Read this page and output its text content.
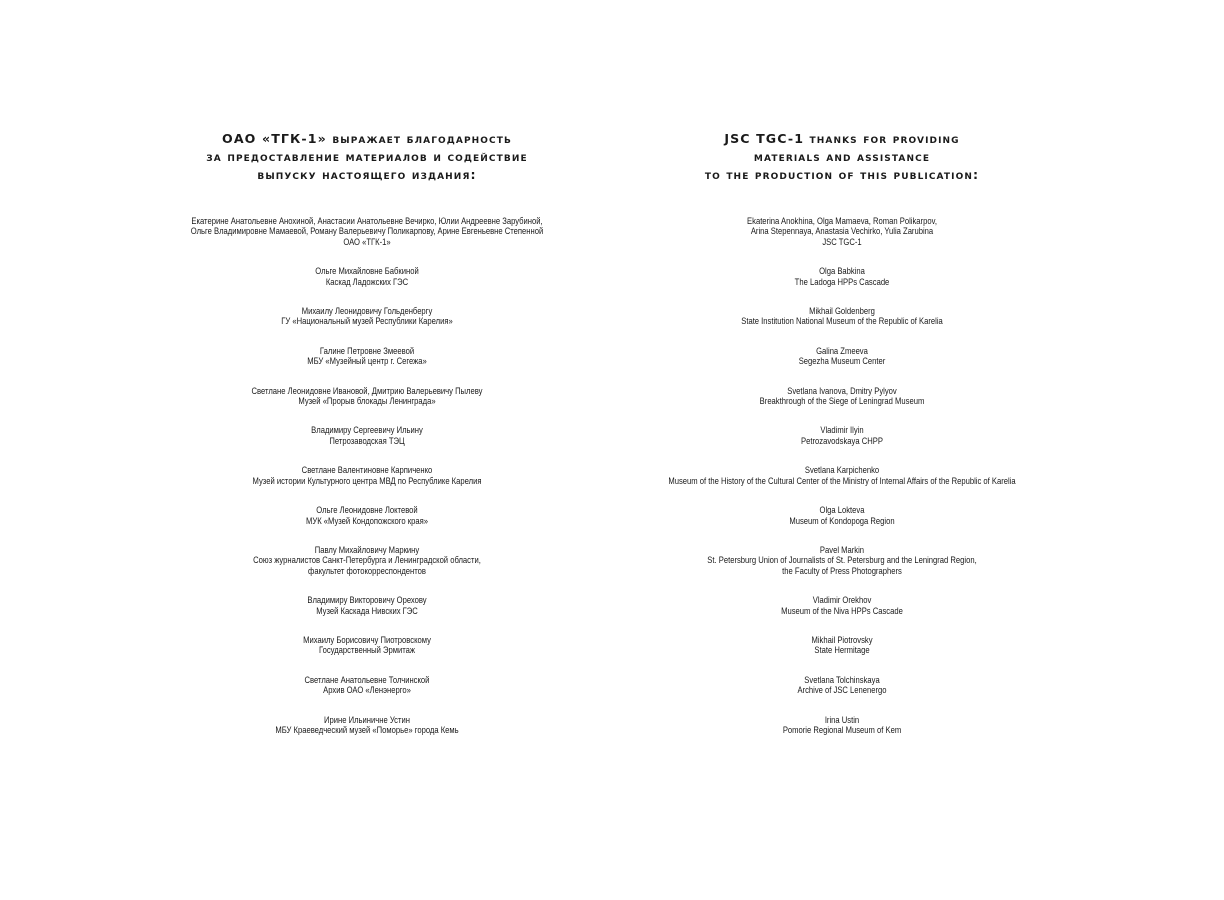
ОАО «ТГК-1» выражает благодарность
за предоставление материалов и содействие
выпуску настоящего издания:

Екатерине Анатольевне Анохиной, Анастасии Анатольевне Вечирко, Юлии Андреевне Зарубиной,
Ольге Владимировне Мамаевой, Роману Валерьевичу Поликарпову, Арине Евгеньевне Степенной
ОАО «ТГК-1»

Ольге Михайловне Бабкиной
Каскад Ладожских ГЭС

Михаилу Леонидовичу Гольденбергу
ГУ «Национальный музей Республики Карелия»

Галине Петровне Змеевой
МБУ «Музейный центр г. Сегежа»

Светлане Леонидовне Ивановой, Дмитрию Валерьевичу Пылеву
Музей «Прорыв блокады Ленинграда»

Владимиру Сергеевичу Ильину
Петрозаводская ТЭЦ

Светлане Валентиновне Карпиченко
Музей истории Культурного центра МВД по Республике Карелия

Ольге Леонидовне Локтевой
МУК «Музей Кондопожского края»

Павлу Михайловичу Маркину
Союз журналистов Санкт-Петербурга и Ленинградской области,
факультет фотокорреспондентов

Владимиру Викторовичу Орехову
Музей Каскада Нивских ГЭС

Михаилу Борисовичу Пиотровскому
Государственный Эрмитаж

Светлане Анатольевне Толчинской
Архив ОАО «Ленэнерго»

Ирине Ильиничне Устин
МБУ Краеведческий музей «Поморье» города Кемь

JSC TGC-1 thanks for providing
materials and assistance
to the production of this publication:

Ekaterina Anokhina, Olga Mamaeva, Roman Polikarpov,
Arina Stepennaya, Anastasia Vechirko, Yulia Zarubina
JSC TGC-1

Olga Babkina
The Ladoga HPPs Cascade

Mikhail Goldenberg
State Institution National Museum of the Republic of Karelia

Galina Zmeeva
Segezha Museum Center

Svetlana Ivanova, Dmitry Pylyov
Breakthrough of the Siege of Leningrad Museum

Vladimir Ilyin
Petrozavodskaya CHPP

Svetlana Karpichenko
Museum of the History of the Cultural Center of the Ministry of Internal Affairs of the Republic of Karelia

Olga Lokteva
Museum of Kondopoga Region

Pavel Markin
St. Petersburg Union of Journalists of St. Petersburg and the Leningrad Region,
the Faculty of Press Photographers

Vladimir Orekhov
Museum of the Niva HPPs Cascade

Mikhail Piotrovsky
State Hermitage

Svetlana Tolchinskaya
Archive of JSC Lenenergo

Irina Ustin
Pomorie Regional Museum of Kem
